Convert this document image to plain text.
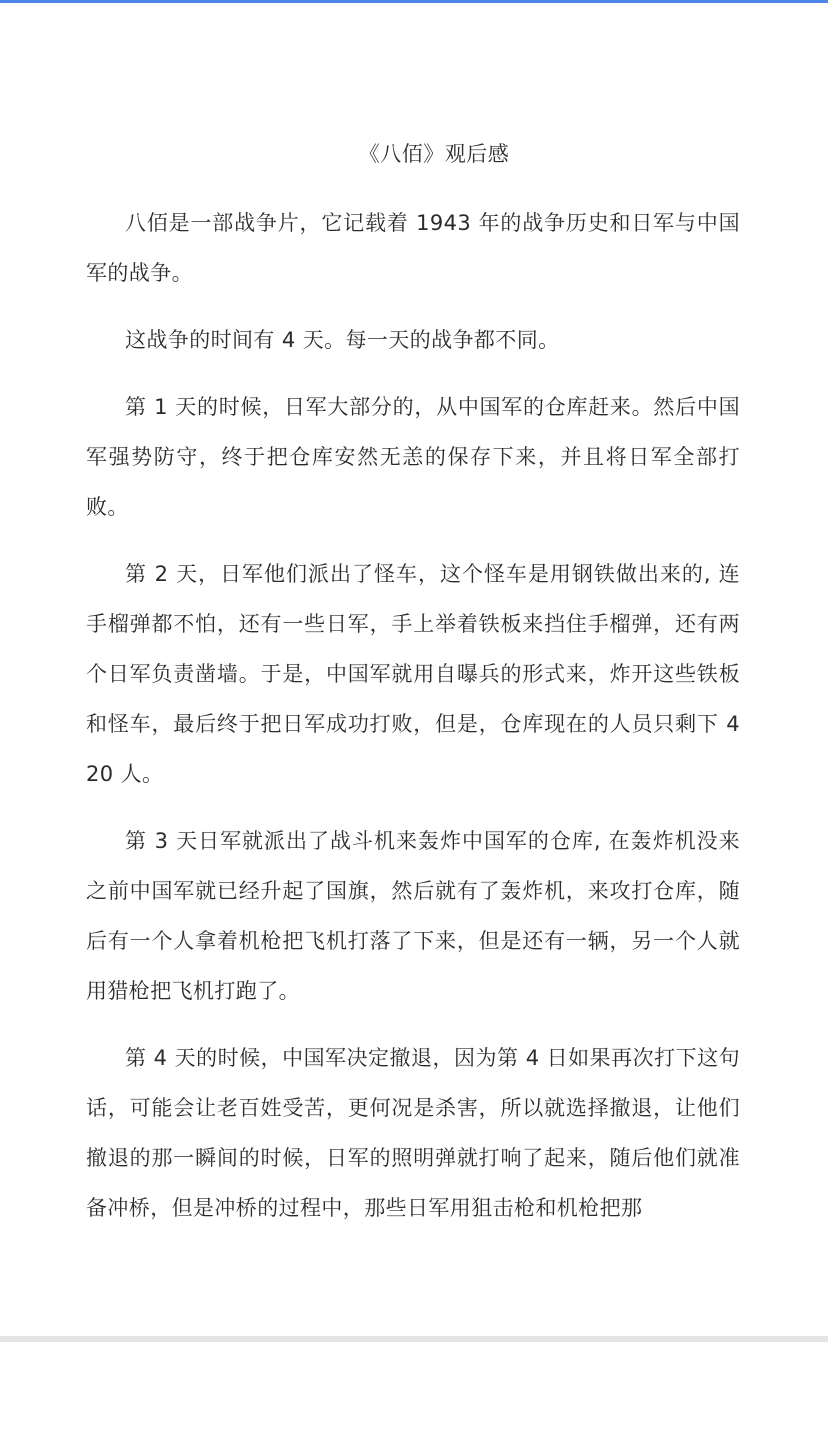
《八佰》观后感

八佰是一部战争片，它记载着 1943 年的战争历史和日军与中国军的战争。

这战争的时间有 4 天。每一天的战争都不同。

第 1 天的时候，日军大部分的，从中国军的仓库赶来。然后中国军强势防守，终于把仓库安然无恙的保存下来，并且将日军全部打败。

第 2 天，日军他们派出了怪车，这个怪车是用钢铁做出来的, 连手榴弹都不怕，还有一些日军，手上举着铁板来挡住手榴弹，还有两个日军负责凿墙。于是，中国军就用自曝兵的形式来，炸开这些铁板和怪车，最后终于把日军成功打败，但是，仓库现在的人员只剩下 420 人。

第 3 天日军就派出了战斗机来轰炸中国军的仓库, 在轰炸机没来之前中国军就已经升起了国旗，然后就有了轰炸机，来攻打仓库，随后有一个人拿着机枪把飞机打落了下来，但是还有一辆，另一个人就用猎枪把飞机打跑了。

第 4 天的时候，中国军决定撤退，因为第 4 日如果再次打下这句话，可能会让老百姓受苦，更何况是杀害，所以就选择撤退，让他们撤退的那一瞬间的时候，日军的照明弹就打响了起来，随后他们就准备冲桥，但是冲桥的过程中，那些日军用狙击枪和机枪把那
